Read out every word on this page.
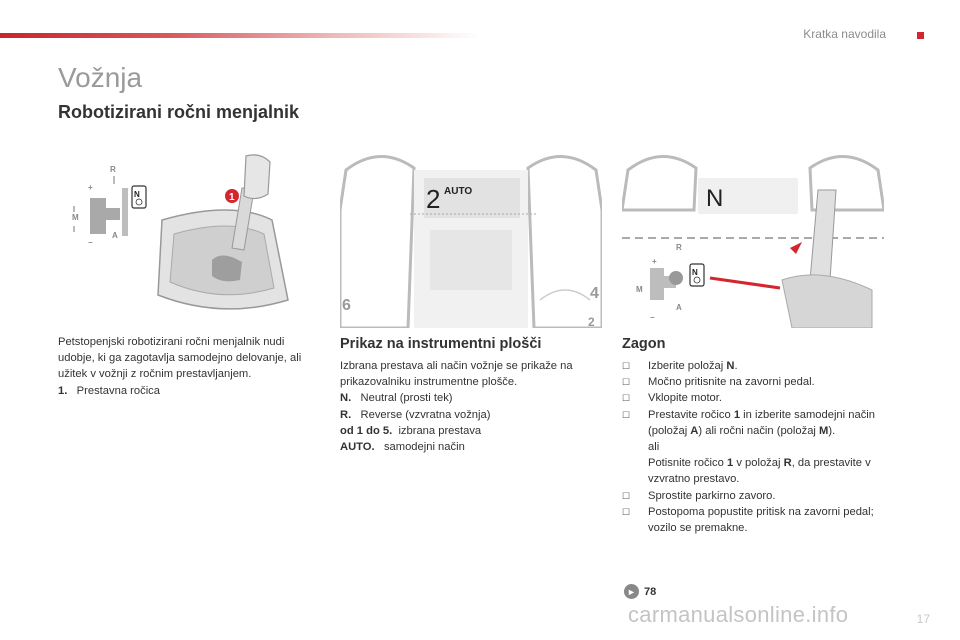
Kratka navodila
Vožnja
Robotizirani ročni menjalnik
N
R
+
M
−
A
1	2 AUTO
6
4
2
N
N
R
+
M
−
A
Petstopenjski robotizirani ročni menjalnik nudi udobje, ki ga zagotavlja samodejno delovanje, ali užitek v vožnji z ročnim prestavljanjem.
1. Prestavna ročica
Prikaz na instrumentni plošči
Izbrana prestava ali način vožnje se prikaže na prikazovalniku instrumentne plošče.
N. Neutral (prosti tek)
R. Reverse (vzvratna vožnja)
od 1 do 5. izbrana prestava
AUTO. samodejni način
Zagon
☐ Izberite položaj N.
☐ Močno pritisnite na zavorni pedal.
☐ Vklopite motor.
☐ Prestavite ročico 1 in izberite samodejni način (položaj A) ali ročni način (položaj M).
ali
Potisnite ročico 1 v položaj R, da prestavite v vzvratno prestavo.
☐ Sprostite parkirno zavoro.
☐ Postopoma popustite pritisk na zavorni pedal; vozilo se premakne.
► 78
carmanualsonline.info	17
